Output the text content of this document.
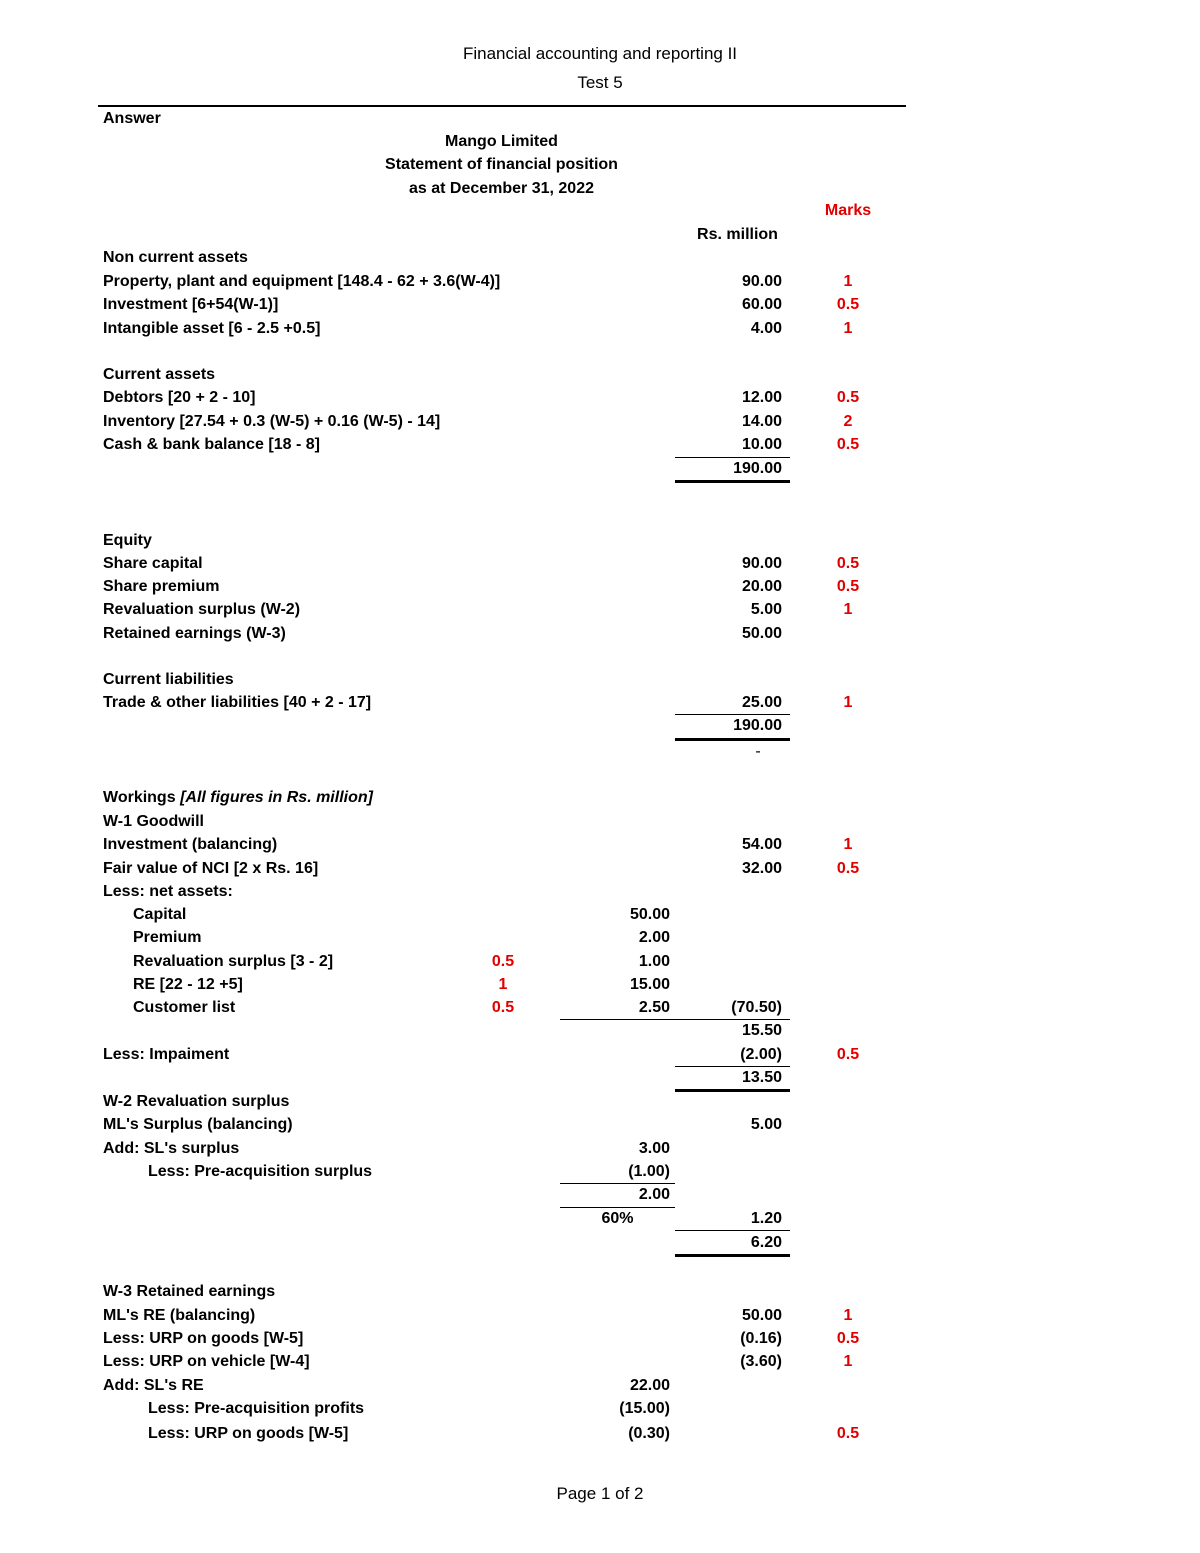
Financial accounting and reporting II
Test 5
Answer
Mango Limited
Statement of financial position
as at December 31, 2022
Marks
Rs. million
Non current assets
Property, plant and equipment [148.4 - 62 + 3.6(W-4)]	90.00	1
Investment [6+54(W-1)]	60.00	0.5
Intangible asset [6 - 2.5 +0.5]	4.00	1
Current assets
Debtors [20 + 2 - 10]	12.00	0.5
Inventory [27.54 + 0.3 (W-5) + 0.16 (W-5) - 14]	14.00	2
Cash & bank balance [18 - 8]	10.00	0.5
190.00
Equity
Share capital	90.00	0.5
Share premium	20.00	0.5
Revaluation surplus (W-2)	5.00	1
Retained earnings (W-3)	50.00
Current liabilities
Trade & other liabilities [40 + 2 - 17]	25.00	1
190.00
-
Workings [All figures in Rs. million]
W-1 Goodwill
Investment (balancing)	54.00	1
Fair value of NCI [2 x Rs. 16]	32.00	0.5
Less: net assets:
Capital	50.00
Premium	2.00
Revaluation surplus [3 - 2]	0.5	1.00
RE [22 - 12 +5]	1	15.00
Customer list	0.5	2.50	(70.50)
15.50
Less: Impaiment	(2.00)	0.5
13.50
W-2 Revaluation surplus
ML's Surplus (balancing)	5.00
Add: SL's surplus	3.00
Less: Pre-acquisition surplus	(1.00)
2.00
60%	1.20
6.20
W-3 Retained earnings
ML's RE (balancing)	50.00	1
Less: URP on goods [W-5]	(0.16)	0.5
Less: URP on vehicle [W-4]	(3.60)	1
Add: SL's RE	22.00
Less: Pre-acquisition profits	(15.00)
Less: URP on goods [W-5]	(0.30)	0.5
Page 1 of 2
